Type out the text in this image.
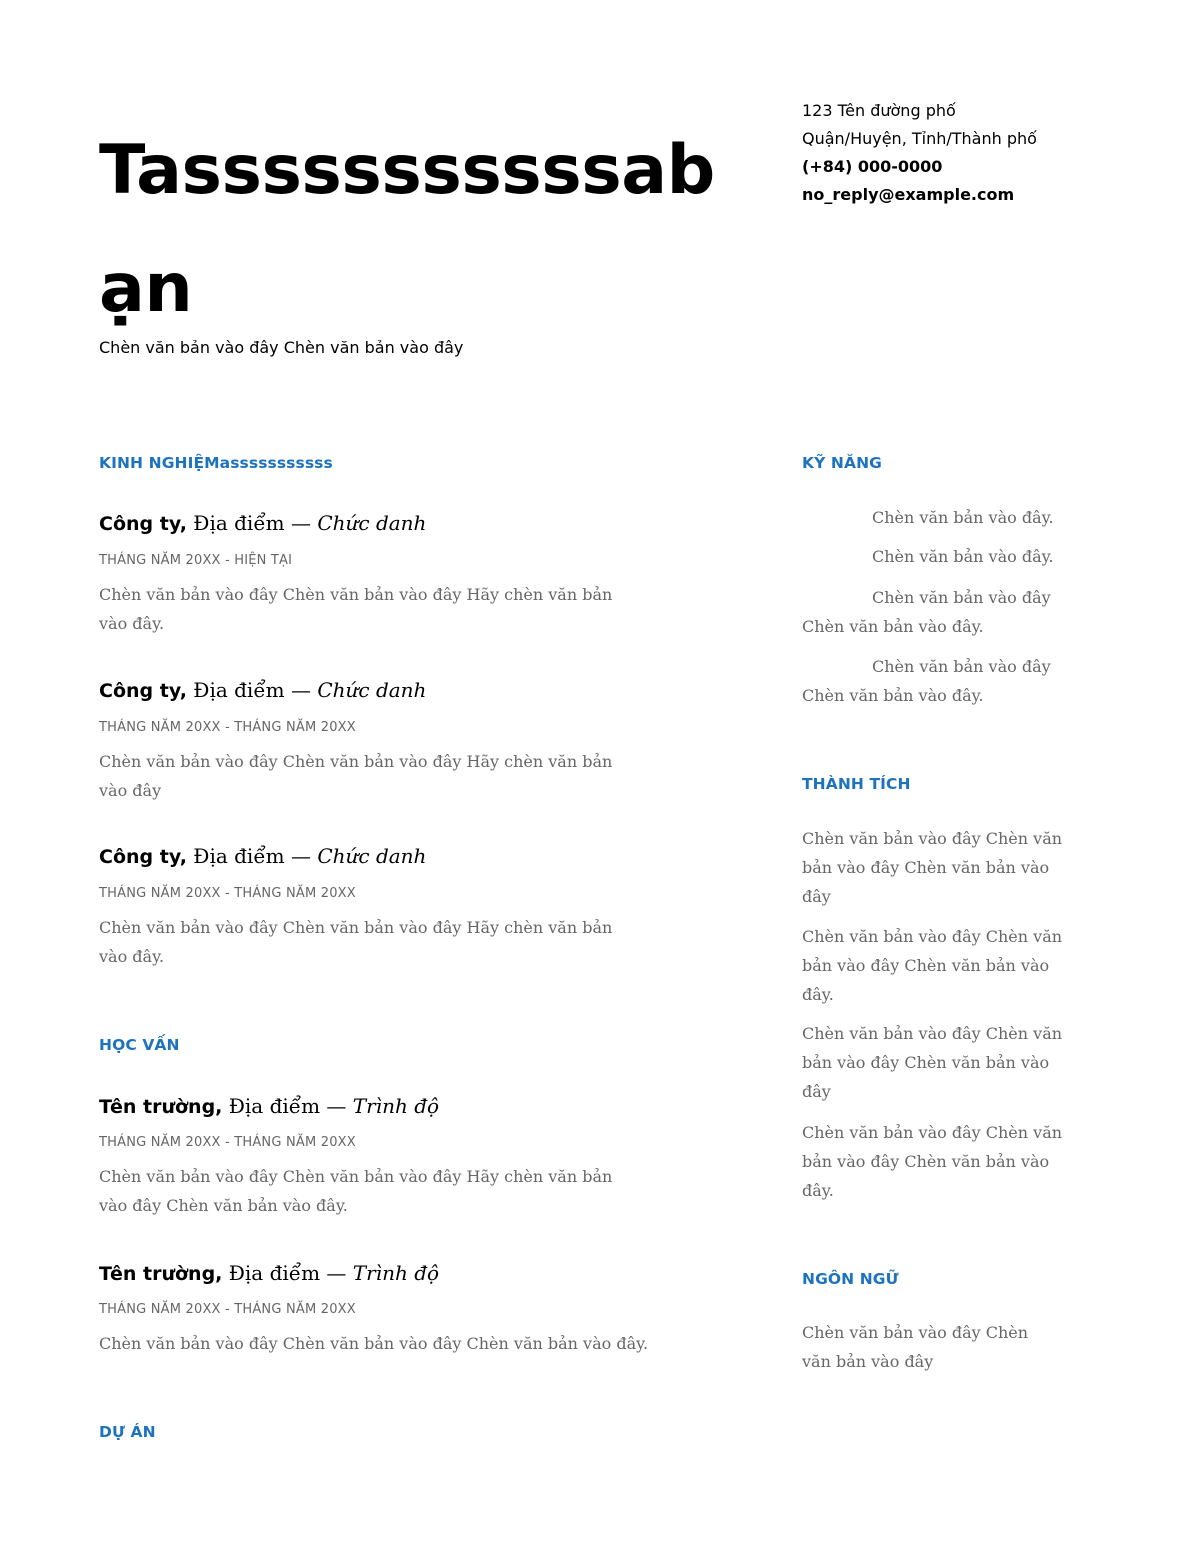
Tasssssssssssabạn

Chèn văn bản vào đây Chèn văn bản vào đây

123 Tên đường phố
Quận/Huyện, Tỉnh/Thành phố
(+84) 000-0000
no_reply@example.com
KINH NGHIỆMasssssssssss

Công ty, Địa điểm — Chức danh

THÁNG NĂM 20XX - HIỆN TẠI

Chèn văn bản vào đây Chèn văn bản vào đây Hãy chèn văn bản vào đây.

Công ty, Địa điểm — Chức danh

THÁNG NĂM 20XX - THÁNG NĂM 20XX

Chèn văn bản vào đây Chèn văn bản vào đây Hãy chèn văn bản vào đây

Công ty, Địa điểm — Chức danh

THÁNG NĂM 20XX - THÁNG NĂM 20XX

Chèn văn bản vào đây Chèn văn bản vào đây Hãy chèn văn bản vào đây.

HỌC VẤN

Tên trường, Địa điểm — Trình độ

THÁNG NĂM 20XX - THÁNG NĂM 20XX

Chèn văn bản vào đây Chèn văn bản vào đây Hãy chèn văn bản vào đây Chèn văn bản vào đây.

Tên trường, Địa điểm — Trình độ

THÁNG NĂM 20XX - THÁNG NĂM 20XX

Chèn văn bản vào đây Chèn văn bản vào đây Chèn văn bản vào đây.

DỰ ÁN
KỸ NĂNG

Chèn văn bản vào đây.

Chèn văn bản vào đây.

Chèn văn bản vào đây Chèn văn bản vào đây.

Chèn văn bản vào đây Chèn văn bản vào đây.

THÀNH TÍCH

Chèn văn bản vào đây Chèn văn bản vào đây Chèn văn bản vào đây

Chèn văn bản vào đây Chèn văn bản vào đây Chèn văn bản vào đây.

Chèn văn bản vào đây Chèn văn bản vào đây Chèn văn bản vào đây

Chèn văn bản vào đây Chèn văn bản vào đây Chèn văn bản vào đây.

NGÔN NGỮ

Chèn văn bản vào đây Chèn văn bản vào đây
